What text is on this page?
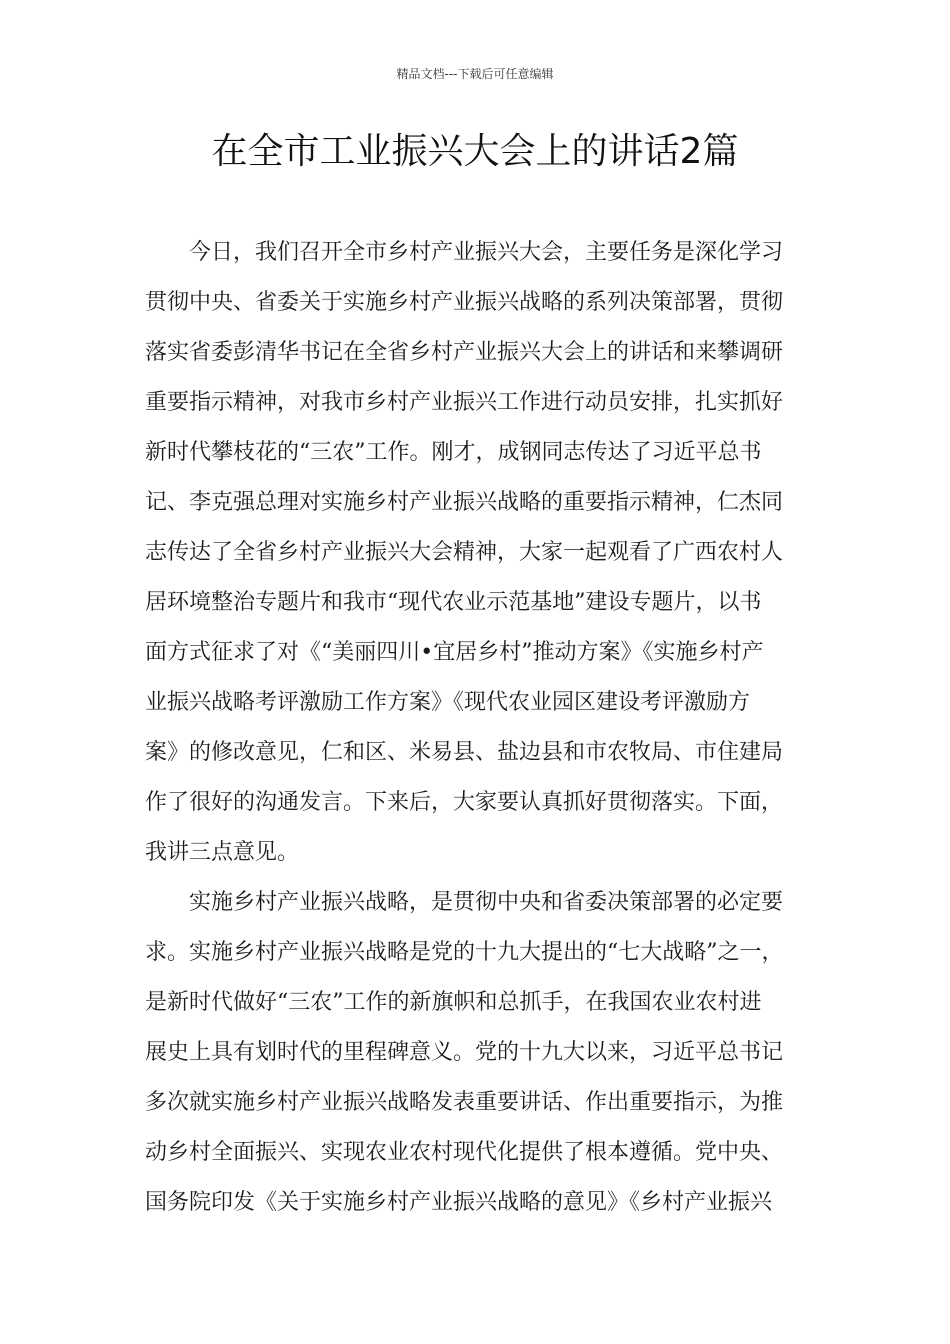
精品文档---下载后可任意编辑
在全市工业振兴大会上的讲话2篇
今日，我们召开全市乡村产业振兴大会，主要任务是深化学习
贯彻中央、省委关于实施乡村产业振兴战略的系列决策部署，贯彻
落实省委彭清华书记在全省乡村产业振兴大会上的讲话和来攀调研
重要指示精神，对我市乡村产业振兴工作进行动员安排，扎实抓好
新时代攀枝花的“三农”工作。刚才，成钢同志传达了习近平总书
记、李克强总理对实施乡村产业振兴战略的重要指示精神，仁杰同
志传达了全省乡村产业振兴大会精神，大家一起观看了广西农村人
居环境整治专题片和我市“现代农业示范基地”建设专题片，以书
面方式征求了对《“美丽四川•宜居乡村”推动方案》《实施乡村产
业振兴战略考评激励工作方案》《现代农业园区建设考评激励方
案》的修改意见，仁和区、米易县、盐边县和市农牧局、市住建局
作了很好的沟通发言。下来后，大家要认真抓好贯彻落实。下面，
我讲三点意见。
实施乡村产业振兴战略，是贯彻中央和省委决策部署的必定要
求。实施乡村产业振兴战略是党的十九大提出的“七大战略”之一，
是新时代做好“三农”工作的新旗帜和总抓手，在我国农业农村进
展史上具有划时代的里程碑意义。党的十九大以来，习近平总书记
多次就实施乡村产业振兴战略发表重要讲话、作出重要指示，为推
动乡村全面振兴、实现农业农村现代化提供了根本遵循。党中央、
国务院印发《关于实施乡村产业振兴战略的意见》《乡村产业振兴
